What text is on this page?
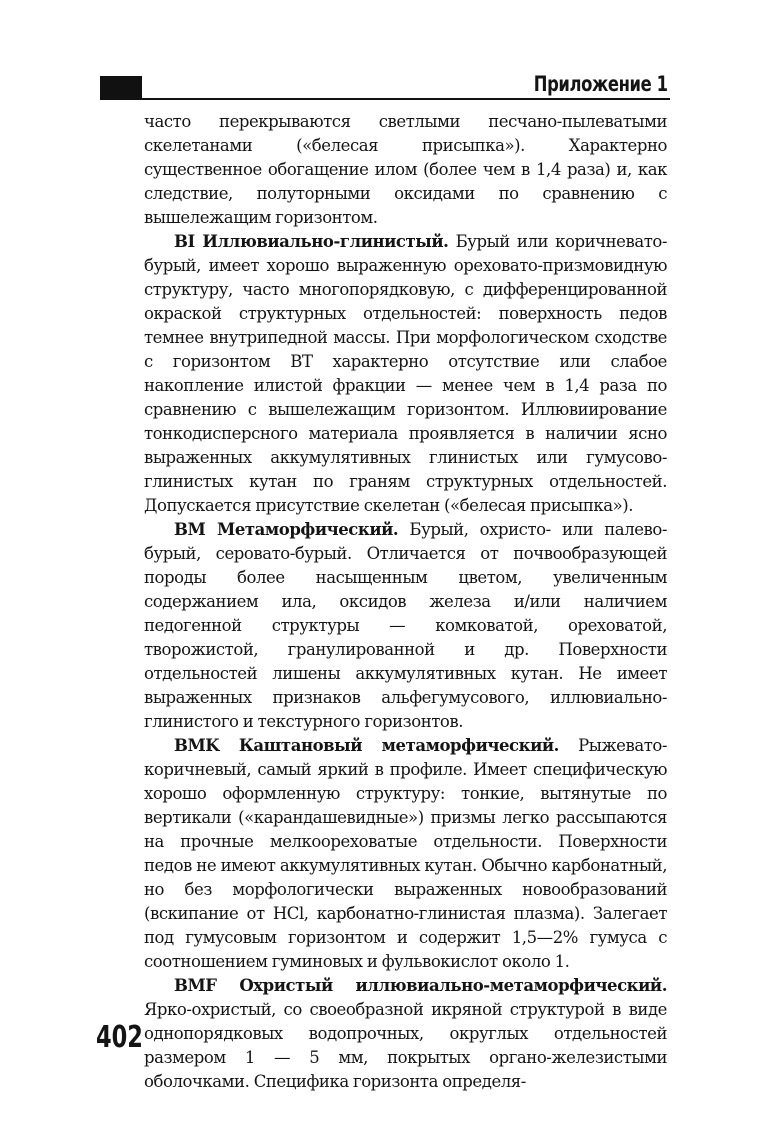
Приложение 1

часто перекрываются светлыми песчано-пылеватыми скелетанами («белесая присыпка»). Характерно существенное обогащение илом (более чем в 1,4 раза) и, как следствие, полуторными оксидами по сравнению с вышележащим горизонтом.

BI Иллювиально-глинистый. Бурый или коричневато-бурый, имеет хорошо выраженную ореховато-призмовидную структуру, часто многопорядковую, с дифференцированной окраской структурных отдельностей: поверхность педов темнее внутрипедной массы. При морфологическом сходстве с горизонтом BT характерно отсутствие или слабое накопление илистой фракции — менее чем в 1,4 раза по сравнению с вышележащим горизонтом. Иллювиирование тонкодисперсного материала проявляется в наличии ясно выраженных аккумулятивных глинистых или гумусово-глинистых кутан по граням структурных отдельностей. Допускается присутствие скелетан («белесая присыпка»).

BM Метаморфический. Бурый, охристо- или палево-бурый, серовато-бурый. Отличается от почвообразующей породы более насыщенным цветом, увеличенным содержанием ила, оксидов железа и/или наличием педогенной структуры — комковатой, ореховатой, творожистой, гранулированной и др. Поверхности отдельностей лишены аккумулятивных кутан. Не имеет выраженных признаков альфегумусового, иллювиально-глинистого и текстурного горизонтов.

BMK Каштановый метаморфический. Рыжевато-коричневый, самый яркий в профиле. Имеет специфическую хорошо оформленную структуру: тонкие, вытянутые по вертикали («карандашевидные») призмы легко рассыпаются на прочные мелкоореховатые отдельности. Поверхности педов не имеют аккумулятивных кутан. Обычно карбонатный, но без морфологически выраженных новообразований (вскипание от HCl, карбонатно-глинистая плазма). Залегает под гумусовым горизонтом и содержит 1,5—2% гумуса с соотношением гуминовых и фульвокислот около 1.

BMF Охристый иллювиально-метаморфический. Ярко-охристый, со своеобразной икряной структурой в виде однопорядковых водопрочных, округлых отдельностей размером 1 — 5 мм, покрытых органо-железистыми оболочками. Специфика горизонта определя-

402
